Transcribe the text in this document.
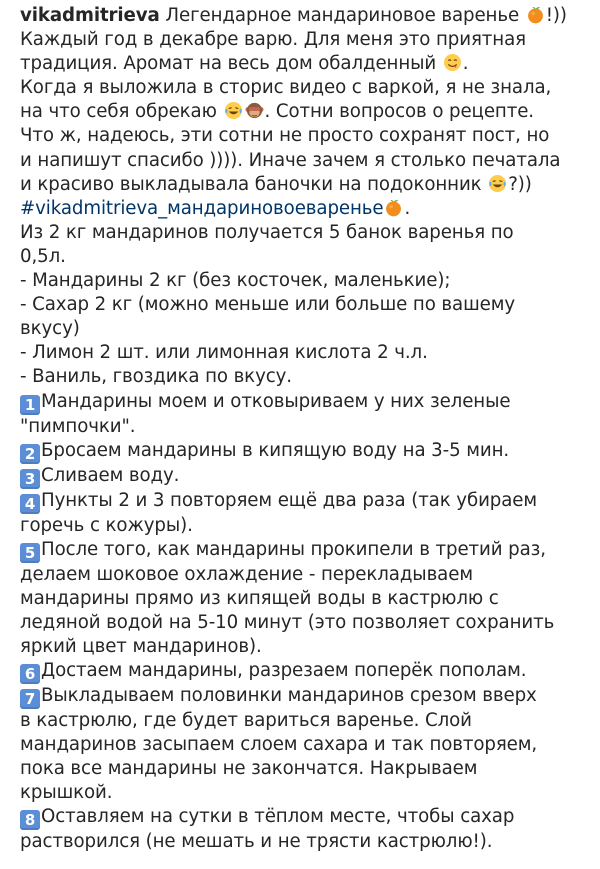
vikadmitrieva Легендарное мандариновое варенье
!))
Каждый год в декабре варю. Для меня это приятная
традиция. Аромат на весь дом обалденный
.
Когда я выложила в сторис видео с варкой, я не знала,
на что себя обрекаю
. Сотни вопросов о рецепте.
Что ж, надеюсь, эти сотни не просто сохранят пост, но
и напишут спасибо )))). Иначе зачем я столько печатала
и красиво выкладывала баночки на подоконник
?))
#vikadmitrieva_мандариновоеваренье .
Из 2 кг мандаринов получается 5 банок варенья по
0,5л.
- Мандарины 2 кг (без косточек, маленькие);
- Сахар 2 кг (можно меньше или больше по вашему
вкусу)
- Лимон 2 шт. или лимонная кислота 2 ч.л.
- Ваниль, гвоздика по вкусу.
1 Мандарины моем и отковыриваем у них зеленые
"пимпочки".
2 Бросаем мандарины в кипящую воду на 3-5 мин.
3 Сливаем воду.
4 Пункты 2 и 3 повторяем ещё два раза (так убираем
горечь с кожуры).
5 После того, как мандарины прокипели в третий раз,
делаем шоковое охлаждение - перекладываем
мандарины прямо из кипящей воды в кастрюлю с
ледяной водой на 5-10 минут (это позволяет сохранить
яркий цвет мандаринов).
6 Достаем мандарины, разрезаем поперёк пополам.
7 Выкладываем половинки мандаринов срезом вверх
в кастрюлю, где будет вариться варенье. Слой
мандаринов засыпаем слоем сахара и так повторяем,
пока все мандарины не закончатся. Накрываем
крышкой.
8 Оставляем на сутки в тёплом месте, чтобы сахар
растворился (не мешать и не трясти кастрюлю!).
